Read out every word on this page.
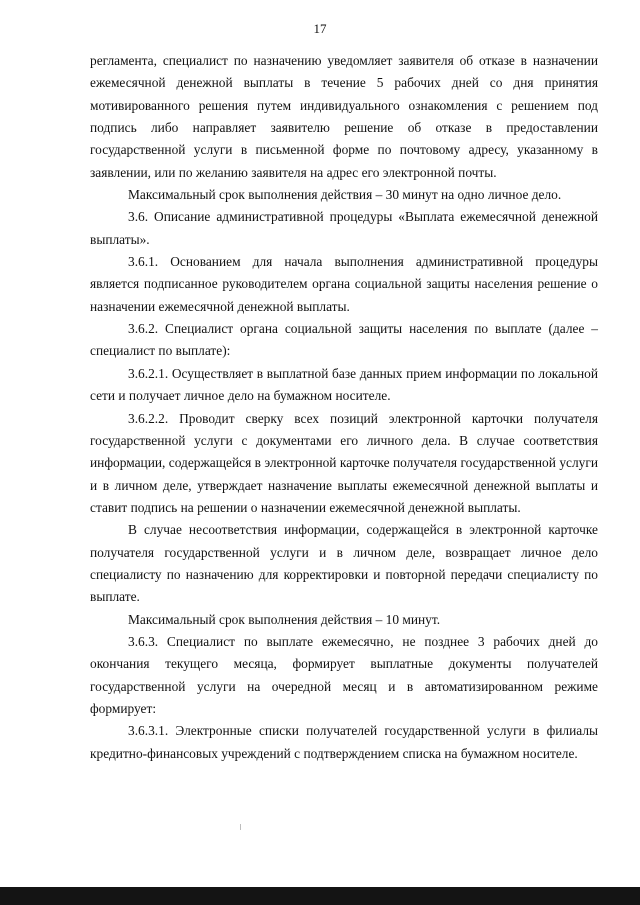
17

регламента, специалист по назначению уведомляет заявителя об отказе в назначении ежемесячной денежной выплаты в течение 5 рабочих дней со дня принятия мотивированного решения путем индивидуального ознакомления с решением под подпись либо направляет заявителю решение об отказе в предоставлении государственной услуги в письменной форме по почтовому адресу, указанному в заявлении, или по желанию заявителя на адрес его электронной почты.

Максимальный срок выполнения действия – 30 минут на одно личное дело.

3.6. Описание административной процедуры «Выплата ежемесячной денежной выплаты».

3.6.1. Основанием для начала выполнения административной процедуры является подписанное руководителем органа социальной защиты населения решение о назначении ежемесячной денежной выплаты.

3.6.2. Специалист органа социальной защиты населения по выплате (далее – специалист по выплате):

3.6.2.1. Осуществляет в выплатной базе данных прием информации по локальной сети и получает личное дело на бумажном носителе.

3.6.2.2. Проводит сверку всех позиций электронной карточки получателя государственной услуги с документами его личного дела. В случае соответствия информации, содержащейся в электронной карточке получателя государственной услуги и в личном деле, утверждает назначение выплаты ежемесячной денежной выплаты и ставит подпись на решении о назначении ежемесячной денежной выплаты.

В случае несоответствия информации, содержащейся в электронной карточке получателя государственной услуги и в личном деле, возвращает личное дело специалисту по назначению для корректировки и повторной передачи специалисту по выплате.

Максимальный срок выполнения действия – 10 минут.

3.6.3. Специалист по выплате ежемесячно, не позднее 3 рабочих дней до окончания текущего месяца, формирует выплатные документы получателей государственной услуги на очередной месяц и в автоматизированном режиме формирует:

3.6.3.1. Электронные списки получателей государственной услуги в филиалы кредитно-финансовых учреждений с подтверждением списка на бумажном носителе.
